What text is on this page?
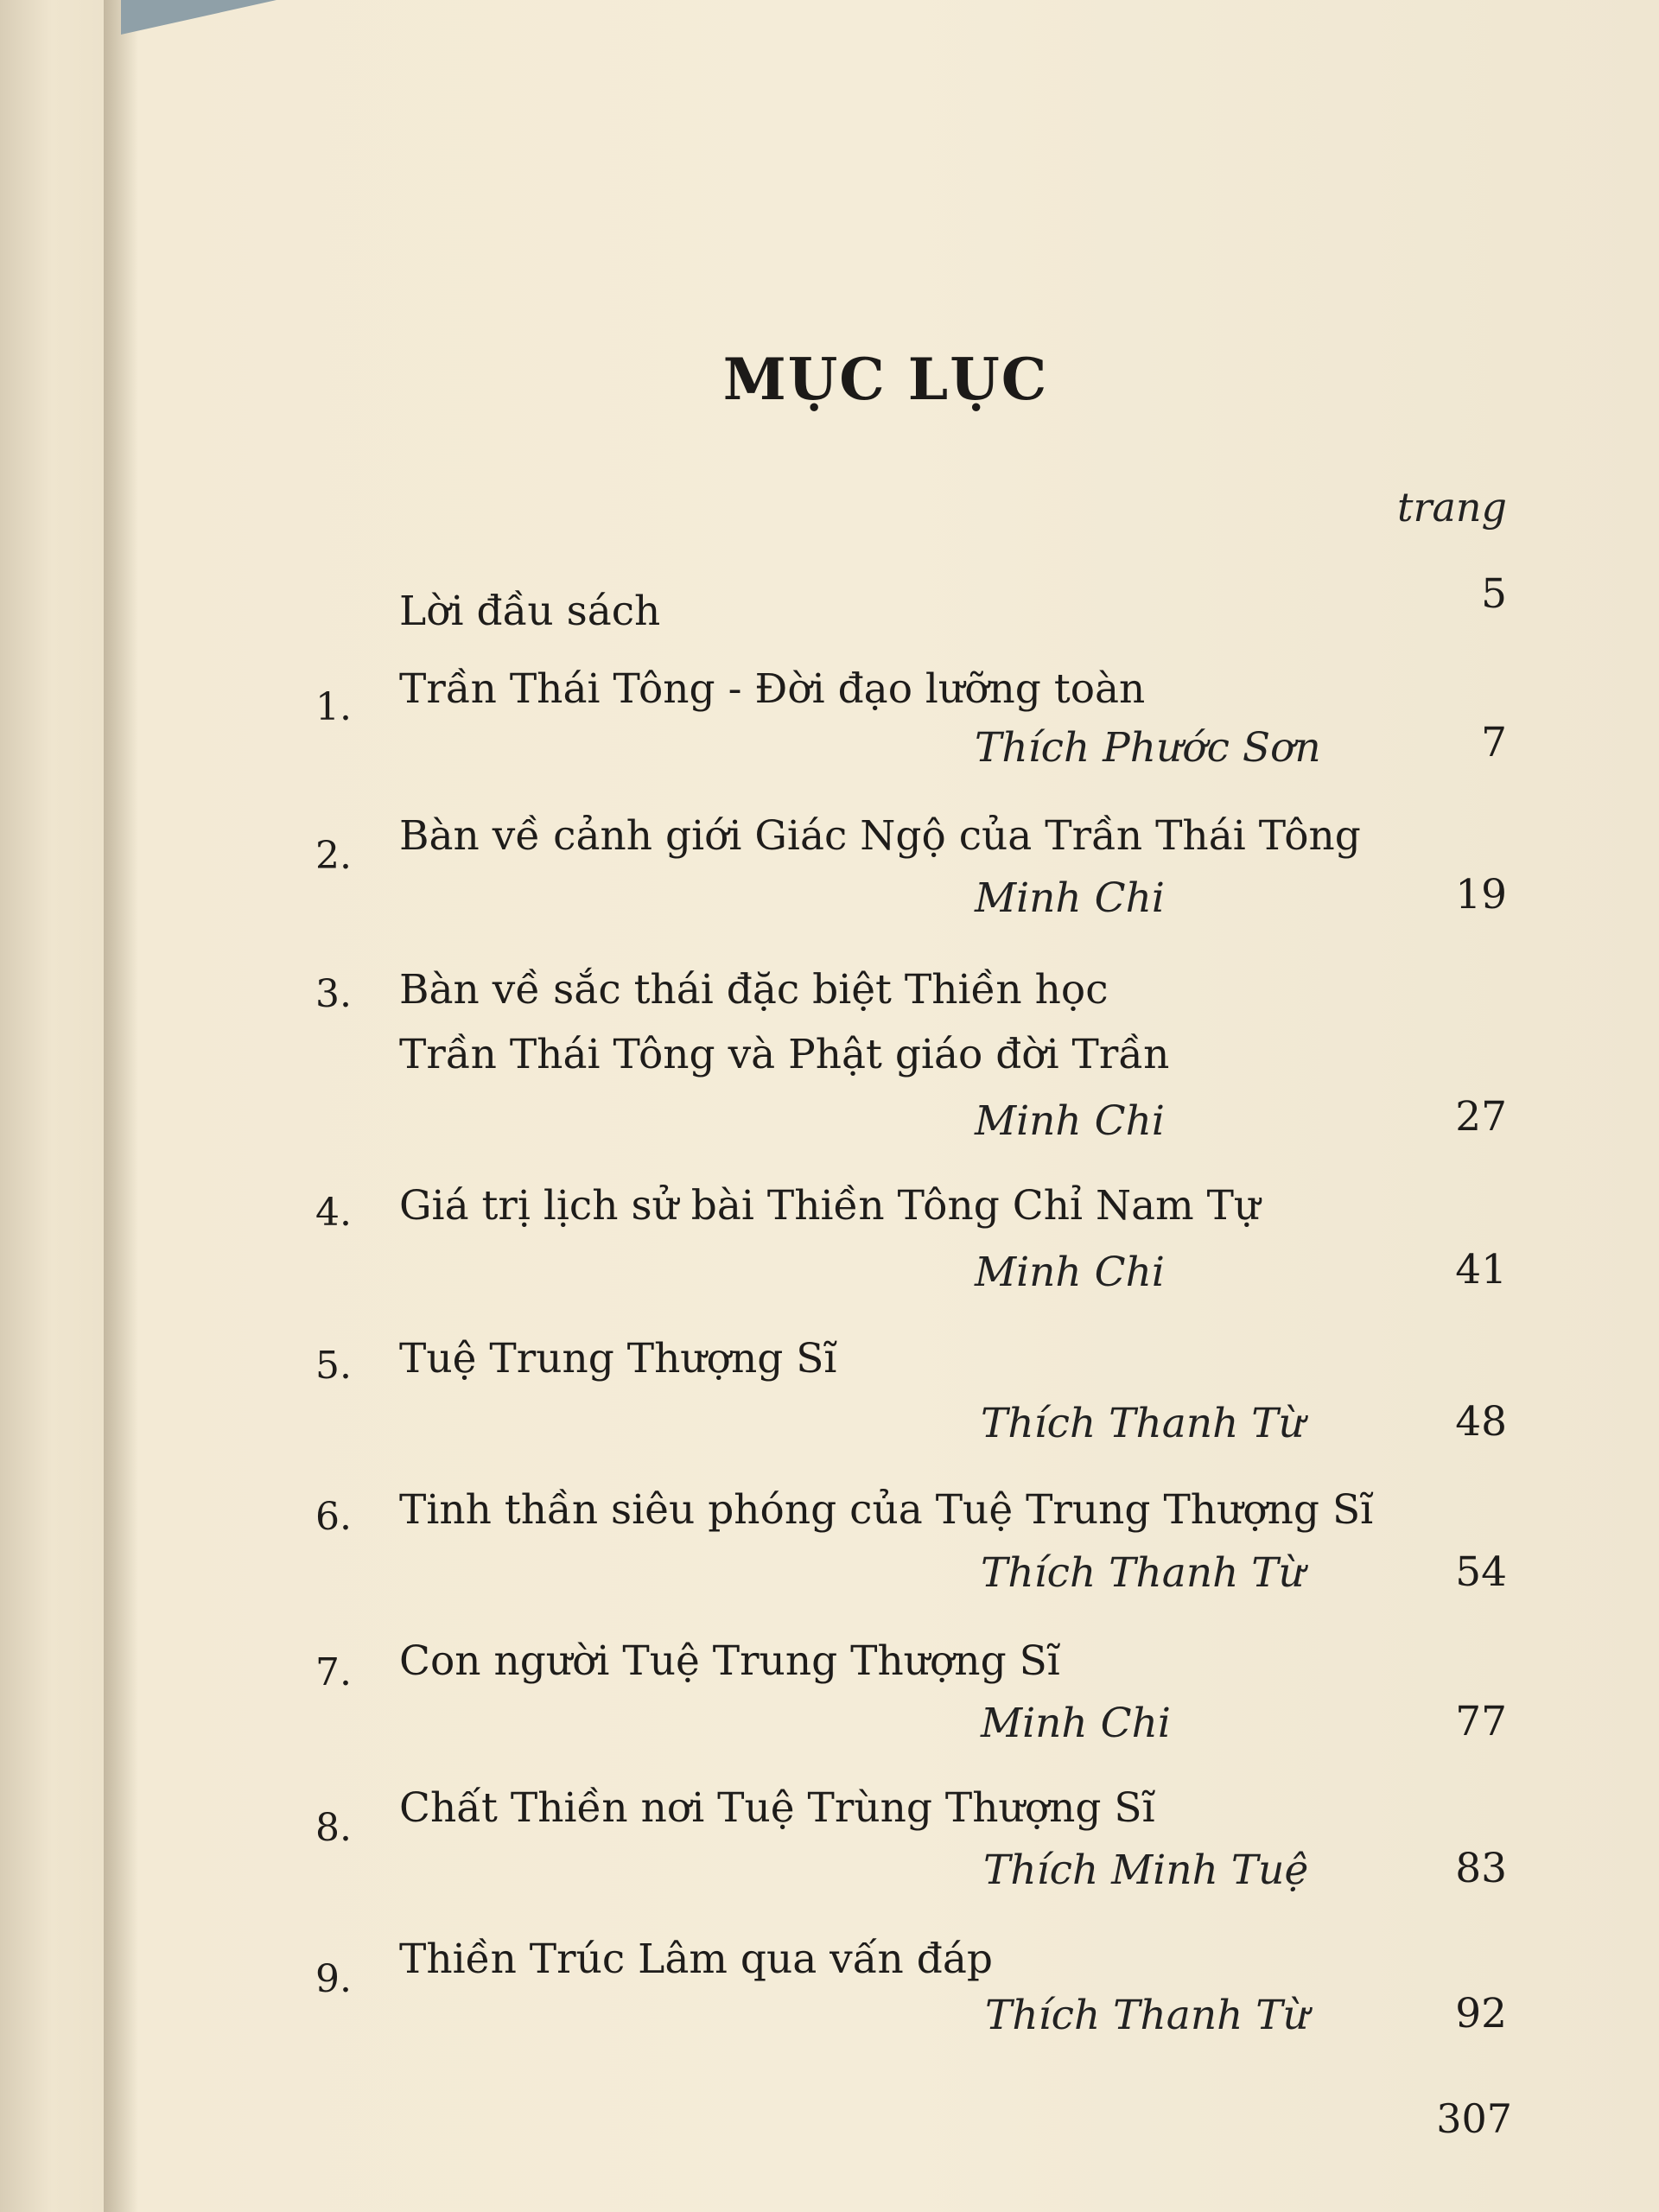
MỤC LỤC
trang
Lời đầu sách	5
1. Trần Thái Tông - Đời đạo lưỡng toàn
Thích Phước Sơn	7
2. Bàn về cảnh giới Giác Ngộ của Trần Thái Tông
Minh Chi	19
3. Bàn về sắc thái đặc biệt Thiền học
Trần Thái Tông và Phật giáo đời Trần
Minh Chi	27
4. Giá trị lịch sử bài Thiền Tông Chỉ Nam Tự
Minh Chi	41
5. Tuệ Trung Thượng Sĩ
Thích Thanh Từ	48
6. Tinh thần siêu phóng của Tuệ Trung Thượng Sĩ
Thích Thanh Từ	54
7. Con người Tuệ Trung Thượng Sĩ
Minh Chi	77
8. Chất Thiền nơi Tuệ Trùng Thượng Sĩ
Thích Minh Tuệ	83
9. Thiền Trúc Lâm qua vấn đáp
Thích Thanh Từ	92
307
